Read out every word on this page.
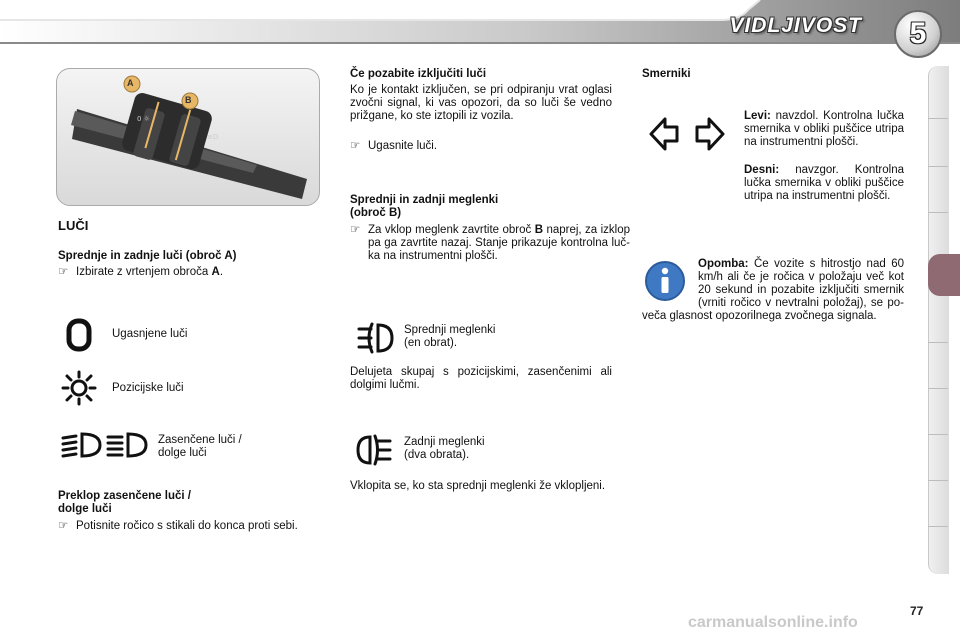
VIDLJIVOST	5
0 ☼
≡D
A
B
LUČI
Sprednje in zadnje luči (obroč A)
☞ Izbirate z vrtenjem obroča A.
Ugasnjene luči
Pozicijske luči
Zasenčene luči /
dolge luči
Preklop zasenčene luči /
dolge luči
☞ Potisnite ročico s stikali do konca proti sebi.
Če pozabite izključiti luči
Ko je kontakt izključen, se pri odpiranju vrat oglasi zvočni signal, ki vas opozori, da so luči še vedno prižgane, ko ste iztopili iz vozila.
☞ Ugasnite luči.
Sprednji in zadnji meglenki
(obroč B)
☞ Za vklop meglenk zavrtite obroč B naprej, za izklop pa ga zavrtite nazaj. Stanje prikazuje kontrolna lučka na instrumentni plošči.
Sprednji meglenki
(en obrat).
Delujeta skupaj s pozicijskimi, zasenčenimi ali dolgimi lučmi.
Zadnji meglenki
(dva obrata).
Vklopita se, ko sta sprednji meglenki že vklopljeni.
Smerniki
Levi: navzdol. Kontrolna lučka smernika v obliki puščice utripa na instrumentni plošči.
Desni: navzgor. Kontrolna lučka smernika v obliki puščice utripa na instrumentni plošči.
Opomba: Če vozite s hitrostjo nad 60 km/h ali če je ročica v položaju več kot 20 sekund in pozabite izključiti smernik (vrniti ročico v nevtralni položaj), se poveča glasnost opozorilnega zvočnega signala.
77
carmanualsonline.info
